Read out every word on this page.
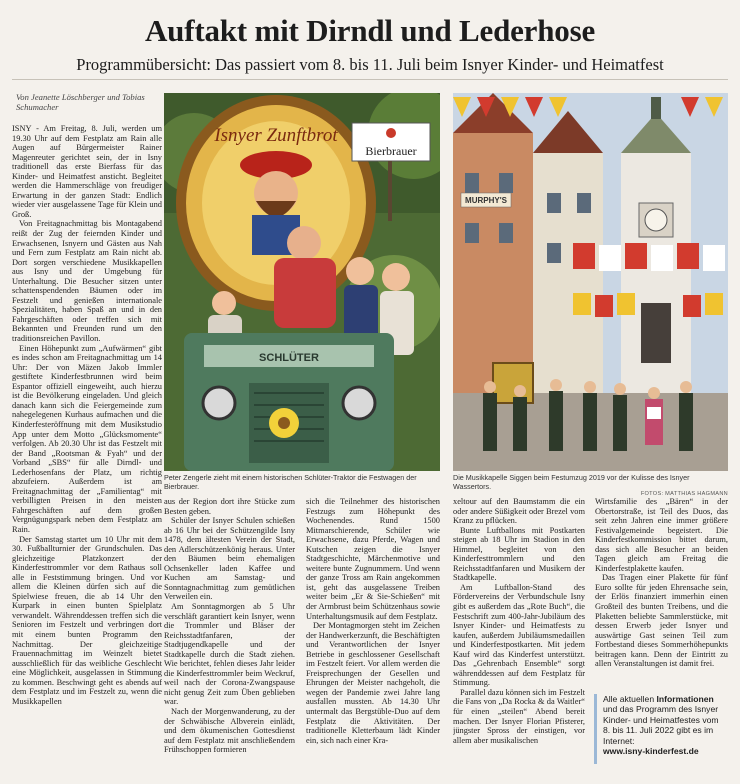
Auftakt mit Dirndl und Lederhose
Programmübersicht: Das passiert vom 8. bis 11. Juli beim Isnyer Kinder- und Heimatfest
Von Jeanette Löschberger und Tobias Schumacher

ISNY - Am Freitag, 8. Juli, werden um 19.30 Uhr auf dem Festplatz am Rain alle Augen auf Bürgermeister Rainer Magenreuter gerichtet sein, der in Isny traditionell das erste Bierfass für das Kinder- und Heimatfest ansticht. Begleitet werden die Hammerschläge von freudiger Erwartung in der ganzen Stadt: Endlich wieder vier ausgelassene Tage für Klein und Groß.

Von Freitagnachmittag bis Montagabend reißt der Zug der feiernden Kinder und Erwachsenen, Isnyern und Gästen aus Nah und Fern zum Festplatz am Rain nicht ab. Dort sorgen verschiedene Musikkapellen aus Isny und der Umgebung für Unterhaltung. Die Besucher sitzen unter schattenspendenden Bäumen oder im Festzelt und genießen internationale Spezialitäten, haben Spaß an und in den Fahrgeschäften oder treffen sich mit Bekannten und Freunden rund um den traditionsreichen Pavillon.

Einen Höhepunkt zum „Aufwärmen“ gibt es indes schon am Freitagnachmittag um 14 Uhr: Der von Mäzen Jakob Immler gestiftete Kinderfestbrunnen wird beim Espantor offiziell eingeweiht, auch hierzu ist die Bevölkerung eingeladen. Und gleich danach kann sich die Feiergemeinde zum nahegelegenen Kurhaus aufmachen und die Kinderfesteröffnung mit dem Musikstudio App unter dem Motto „Glücksmomente“ verfolgen. Ab 20.30 Uhr ist das Festzelt mit der Band „Rootsman & Fyah“ und der Vorband „SBS“ für alle Dirndl- und Lederhosenfans der Platz, um richtig abzufeiern. Außerdem ist am Freitagnachmittag der „Familientag“ mit verbilligten Preisen in den meisten Fahrgeschäften auf dem großen Vergnügungspark neben dem Festplatz am Rain.

Der Samstag startet um 10 Uhr mit dem 30. Fußballturnier der Grundschulen. Das gleichzeitige Platzkonzert der Kinderfesttrommler vor dem Rathaus soll alle in Feststimmung bringen. Und vor allem die Kleinen dürfen sich auf die Spielwiese freuen, die ab 14 Uhr den Kurpark in einen bunten Spielplatz verwandelt. Währenddessen treffen sich die Senioren im Festzelt und verbringen dort mit einem bunten Programm den Nachmittag. Der gleichzeitige Frauennachmittag im Weinzelt bietet ausschließlich für das weibliche Geschlecht eine Möglichkeit, ausgelassen in Stimmung zu kommen. Beschwingt geht es abends auf dem Festplatz und im Festzelt zu, wenn die Musikkapellen

Isnyer Zunftbrot
Bierbrauer
SCHLÜTER
Peter Zengerle zieht mit einem historischen Schlüter-Traktor die Festwagen der Bierbrauer.
MURPHY'S
Die Musikkapelle Siggen beim Festumzug 2019 vor der Kulisse des Isnyer Wassertors.
FOTOS: MATTHIAS HAGMANN

aus der Region dort ihre Stücke zum Besten geben.

Schüler der Isnyer Schulen schießen ab 16 Uhr bei der Schützengilde Isny 1478, dem ältesten Verein der Stadt, den Adlerschützenkönig heraus. Unter den Bäumen beim ehemaligen Ochsenkeller laden Kaffee und Kuchen am Samstag- und Sonntagnachmittag zum gemütlichen Verweilen ein.

Am Sonntagmorgen ab 5 Uhr verschläft garantiert kein Isnyer, wenn die Trommler und Bläser der Reichsstadtfanfaren, der Stadtjugendkapelle und der Stadtkapelle durch die Stadt ziehen. Wie berichtet, fehlen dieses Jahr leider die Kinderfesttrommler beim Weckruf, weil nach der Corona-Zwangspause nicht genug Zeit zum Üben geblieben war.

Nach der Morgenwanderung, zu der der Schwäbische Albverein einlädt, und dem ökumenischen Gottesdienst auf dem Festplatz mit anschließendem Frühschoppen formieren

sich die Teilnehmer des historischen Festzugs zum Höhepunkt des Wochenendes. Rund 1500 Mitmarschierende, Schüler wie Erwachsene, dazu Pferde, Wagen und Kutschen zeigen die Isnyer Stadtgeschichte, Märchenmotive und weitere bunte Zugnummern. Und wenn der ganze Tross am Rain angekommen ist, geht das ausgelassene Treiben weiter beim „Er & Sie-Schießen“ mit der Armbrust beim Schützenhaus sowie Unterhaltungsmusik auf dem Festplatz.

Der Montagmorgen steht im Zeichen der Handwerkerzunft, die Beschäftigten und Verantwortlichen der Isnyer Betriebe in geschlossener Gesellschaft im Festzelt feiert. Vor allem werden die Freisprechungen der Gesellen und Ehrungen der Meister nachgeholt, die wegen der Pandemie zwei Jahre lang ausfallen mussten. Ab 14.30 Uhr untermalt das Bergstüble-Duo auf dem Festplatz die Aktivitäten. Der traditionelle Kletterbaum lädt Kinder ein, sich nach einer Kra-

xeltour auf den Baumstamm die ein oder andere Süßigkeit oder Brezel vom Kranz zu pflücken.

Bunte Luftballons mit Postkarten steigen ab 18 Uhr im Stadion in den Himmel, begleitet von den Kinderfesttrommlern und den Reichsstadtfanfaren und Musikern der Stadtkapelle.

Am Luftballon-Stand des Fördervereins der Verbundschule Isny gibt es außerdem das „Rote Buch“, die Festschrift zum 400-Jahr-Jubiläum des Isnyer Kinder- und Heimatfests zu kaufen, außerdem Jubiläumsmedaillen und Kinderfestpostkarten. Mit jedem Kauf wird das Kinderfest unterstützt. Das „Gehrenbach Ensemble“ sorgt währenddessen auf dem Festplatz für Stimmung.

Parallel dazu können sich im Festzelt die Fans von „Da Rocka & da Waitler“ für einen „steilen“ Abend bereit machen. Der Isnyer Florian Pfisterer, jüngster Spross der einstigen, vor allem aber musikalischen

Wirtsfamilie des „Bären“ in der Obertorstraße, ist Teil des Duos, das seit zehn Jahren eine immer größere Festivalgemeinde begeistert. Die Kinderfestkommission bittet darum, dass sich alle Besucher an beiden Tagen gleich am Freitag die Kinderfestplakette kaufen.

Das Tragen einer Plakette für fünf Euro sollte für jeden Ehrensache sein, der Erlös finanziert immerhin einen Großteil des bunten Treibens, und die Plaketten beliebte Sammlerstücke, mit dessen Erwerb jeder Isnyer und auswärtige Gast seinen Teil zum Fortbestand dieses Sommerhöhepunkts beitragen kann. Denn der Eintritt zu allen Veranstaltungen ist damit frei.

Alle aktuellen Informationen und das Programm des Isnyer Kinder- und Heimatfestes vom 8. bis 11. Juli 2022 gibt es im Internet:
www.isny-kinderfest.de
